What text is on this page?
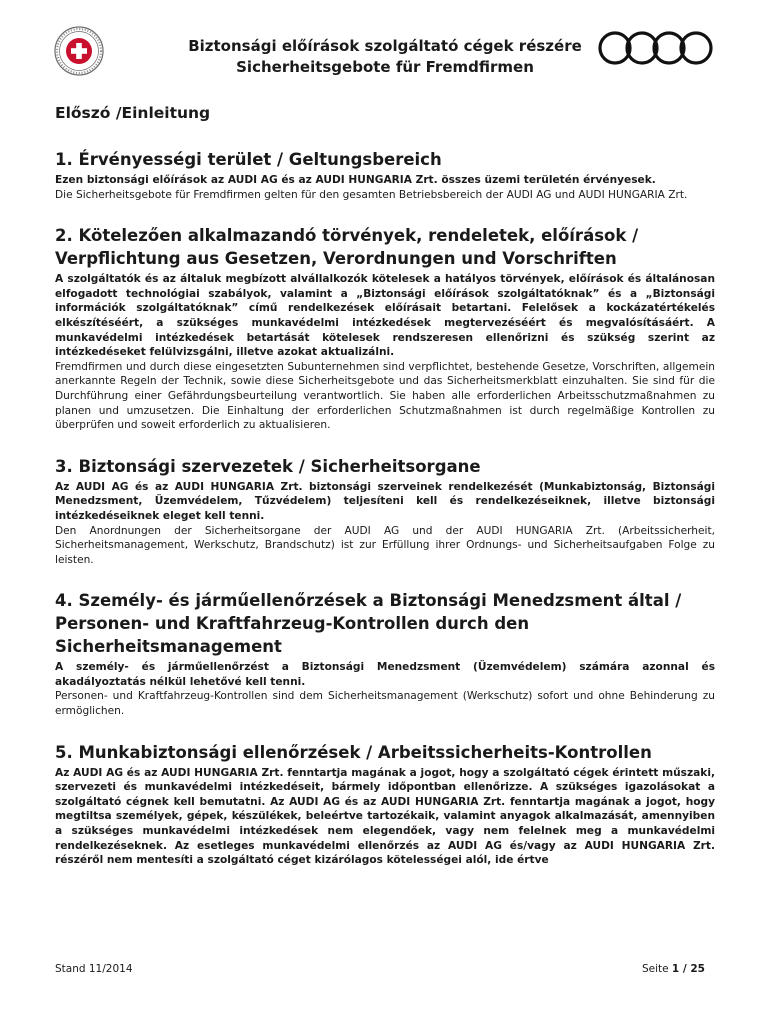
Biztonsági előírások szolgáltató cégek részére
Sicherheitsgebote für Fremdfirmen
Előszó /Einleitung
1. Érvényességi terület / Geltungsbereich

Ezen biztonsági előírások az AUDI AG és az AUDI HUNGARIA Zrt. összes üzemi területén érvényesek.

Die Sicherheitsgebote für Fremdfirmen gelten für den gesamten Betriebsbereich der AUDI AG und AUDI HUNGARIA Zrt.

2. Kötelezően alkalmazandó törvények, rendeletek, előírások /
Verpflichtung aus Gesetzen, Verordnungen und Vorschriften

A szolgáltatók és az általuk megbízott alvállalkozók kötelesek a hatályos törvények, előírások és általánosan elfogadott technológiai szabályok, valamint a „Biztonsági előírások szolgáltatóknak” és a „Biztonsági információk szolgáltatóknak” című rendelkezések előírásait betartani. Felelősek a kockázatértékelés elkészítéséért, a szükséges munkavédelmi intézkedések megtervezéséért és megvalósításáért. A munkavédelmi intézkedések betartását kötelesek rendszeresen ellenőrizni és szükség szerint az intézkedéseket felülvizsgálni, illetve azokat aktualizálni.

Fremdfirmen und durch diese eingesetzten Subunternehmen sind verpflichtet, bestehende Gesetze, Vorschriften, allgemein anerkannte Regeln der Technik, sowie diese Sicherheitsgebote und das Sicherheitsmerkblatt einzuhalten. Sie sind für die Durchführung einer Gefährdungsbeurteilung verantwortlich. Sie haben alle erforderlichen Arbeitsschutzmaßnahmen zu planen und umzusetzen. Die Einhaltung der erforderlichen Schutzmaßnahmen ist durch regelmäßige Kontrollen zu überprüfen und soweit erforderlich zu aktualisieren.

3. Biztonsági szervezetek / Sicherheitsorgane

Az AUDI AG és az AUDI HUNGARIA Zrt. biztonsági szerveinek rendelkezését (Munkabiztonság, Biztonsági Menedzsment, Üzemvédelem, Tűzvédelem) teljesíteni kell és rendelkezéseiknek, illetve biztonsági intézkedéseiknek eleget kell tenni.

Den Anordnungen der Sicherheitsorgane der AUDI AG und der AUDI HUNGARIA Zrt. (Arbeitssicherheit, Sicherheitsmanagement, Werkschutz, Brandschutz) ist zur Erfüllung ihrer Ordnungs- und Sicherheitsaufgaben Folge zu leisten.

4. Személy- és járműellenőrzések a Biztonsági Menedzsment által /
Personen- und Kraftfahrzeug-Kontrollen durch den
Sicherheitsmanagement

A személy- és járműellenőrzést a Biztonsági Menedzsment (Üzemvédelem) számára azonnal és akadályoztatás nélkül lehetővé kell tenni.

Personen- und Kraftfahrzeug-Kontrollen sind dem Sicherheitsmanagement (Werkschutz) sofort und ohne Behinderung zu ermöglichen.

5. Munkabiztonsági ellenőrzések / Arbeitssicherheits-Kontrollen

Az AUDI AG és az AUDI HUNGARIA Zrt. fenntartja magának a jogot, hogy a szolgáltató cégek érintett műszaki, szervezeti és munkavédelmi intézkedéseit, bármely időpontban ellenőrizze. A szükséges igazolásokat a szolgáltató cégnek kell bemutatni. Az AUDI AG és az AUDI HUNGARIA Zrt. fenntartja magának a jogot, hogy megtiltsa személyek, gépek, készülékek, beleértve tartozékaik, valamint anyagok alkalmazását, amennyiben a szükséges munkavédelmi intézkedések nem elegendőek, vagy nem felelnek meg a munkavédelmi rendelkezéseknek. Az esetleges munkavédelmi ellenőrzés az AUDI AG és/vagy az AUDI HUNGARIA Zrt. részéről nem mentesíti a szolgáltató céget kizárólagos kötelességei alól, ide értve

Stand 11/2014	Seite 1 / 25
